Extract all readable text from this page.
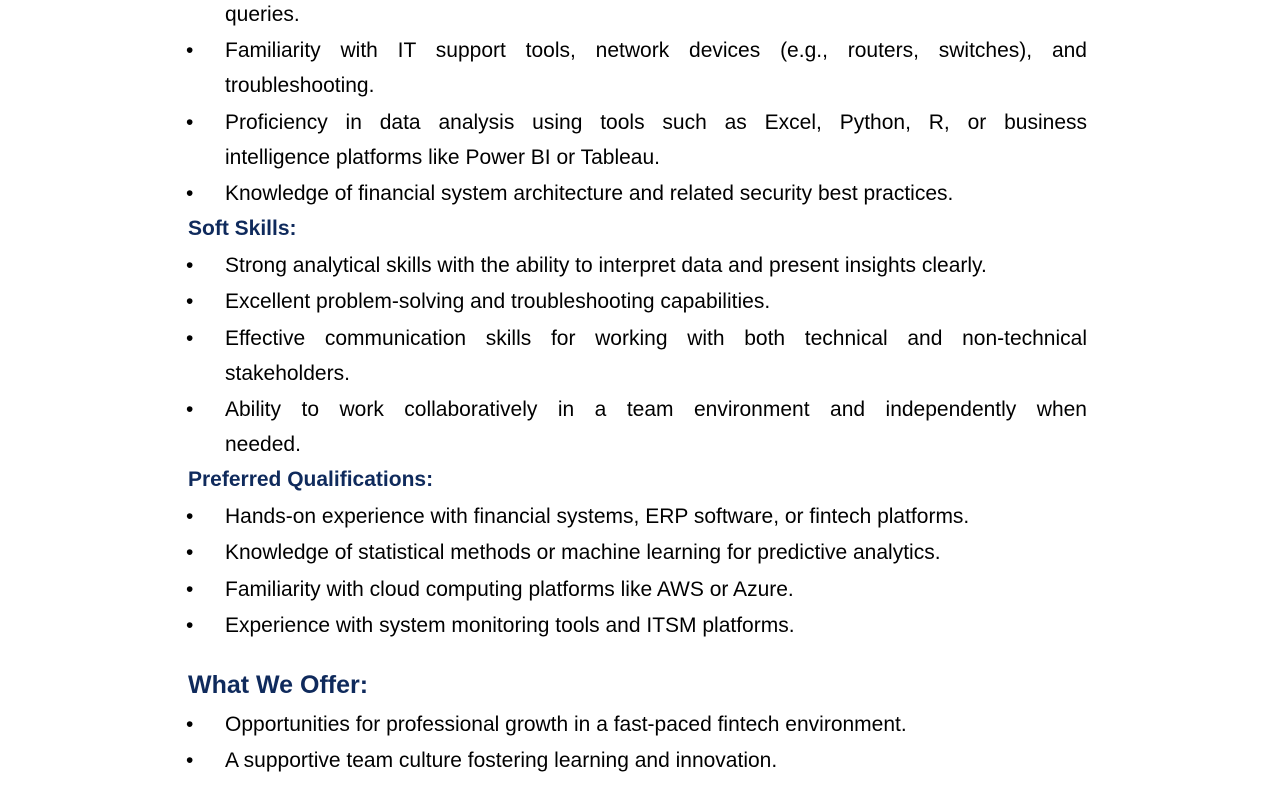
queries.
•	Familiarity with IT support tools, network devices (e.g., routers, switches), and
troubleshooting.
•	Proficiency in data analysis using tools such as Excel, Python, R, or business
intelligence platforms like Power BI or Tableau.
•	Knowledge of financial system architecture and related security best practices.
Soft Skills:
•	Strong analytical skills with the ability to interpret data and present insights clearly.
•	Excellent problem-solving and troubleshooting capabilities.
•	Effective communication skills for working with both technical and non-technical
stakeholders.
•	Ability to work collaboratively in a team environment and independently when
needed.
Preferred Qualifications:
•	Hands-on experience with financial systems, ERP software, or fintech platforms.
•	Knowledge of statistical methods or machine learning for predictive analytics.
•	Familiarity with cloud computing platforms like AWS or Azure.
•	Experience with system monitoring tools and ITSM platforms.
What We Offer:
•	Opportunities for professional growth in a fast-paced fintech environment.
•	A supportive team culture fostering learning and innovation.
